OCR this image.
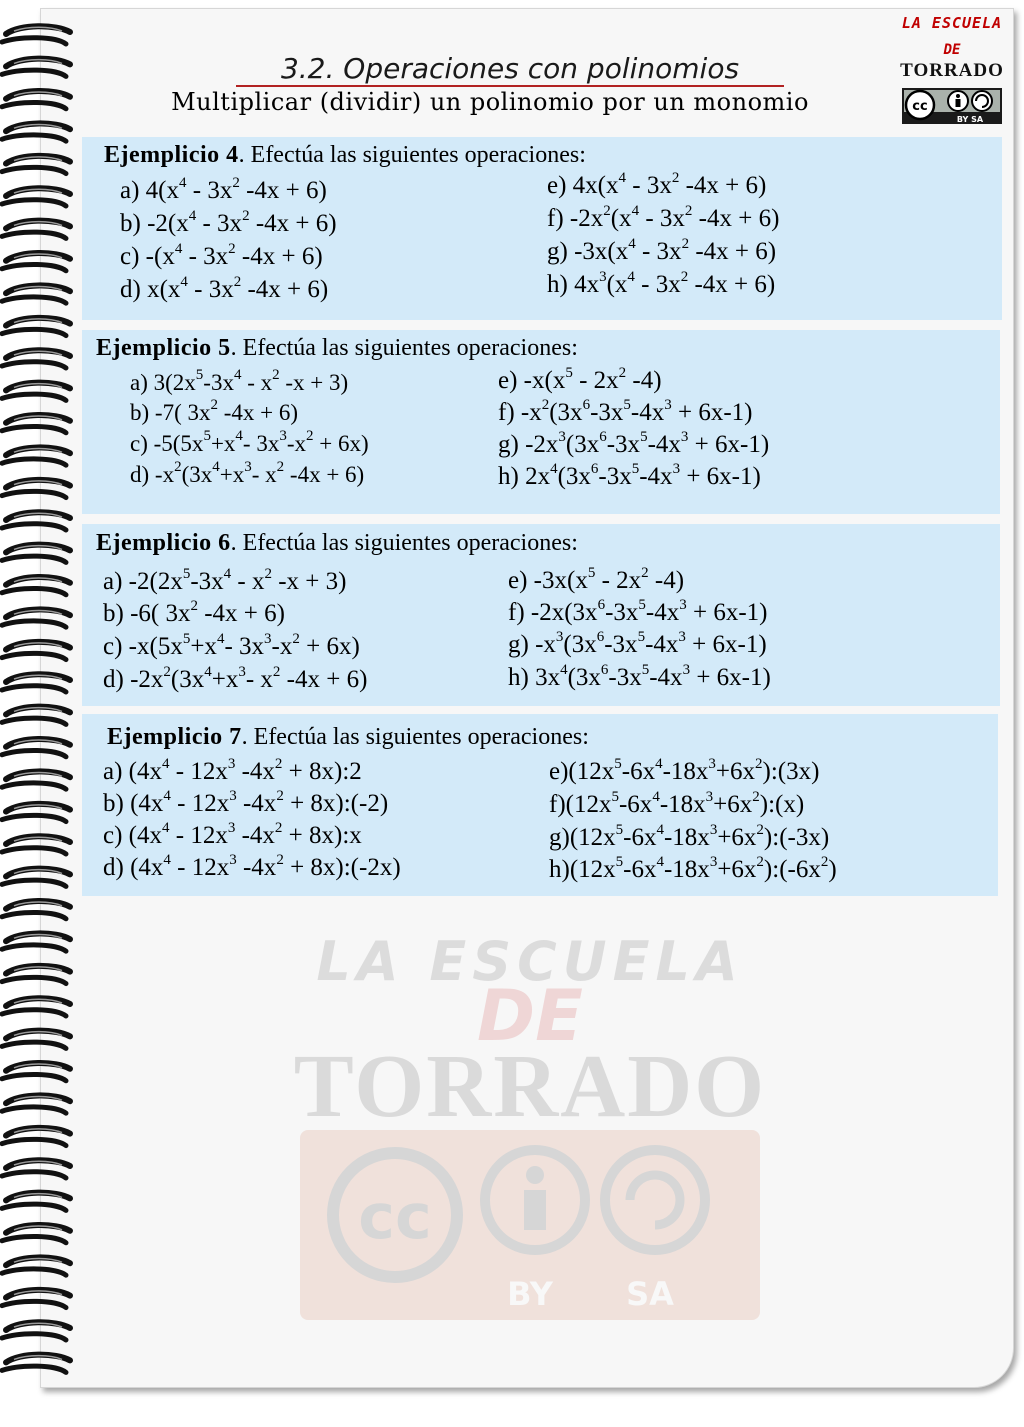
LA ESCUELA
DE
TORRADO
cc
BY SA
3.2. Operaciones con polinomios
Multiplicar (dividir) un polinomio por un monomio
LA ESCUELA
DE
TORRADO
cc
BY SA
Ejemplicio 4. Efectúa las siguientes operaciones:
a) $4(x^4 - 3x^2$ -4x + 6)
b) $-2(x^4 - 3x^2$ -4x + 6)
c) $-(x^4 - 3x^2$ -4x + 6)
d) $x(x^4 - 3x^2$ -4x + 6)
e) $4x(x^4 - 3x^2$ -4x + 6)
f) $-2x^2(x^4 - 3x^2$ -4x + 6)
g) $-3x(x^4 - 3x^2$ -4x + 6)
h) $4x^3(x^4 - 3x^2$ -4x + 6)
Ejemplicio 5. Efectúa las siguientes operaciones:
a) $3(2x^5-3x^4 - x^2$ -x + 3)
b) -7( $3x^2$ -4x + 6)
c) $-5(5x^5+x^4-$ $3x^3-x^2 + 6x$)
d) $-x^2(3x^4+x^3-$ $x^2$ -4x + 6)
e) $-x(x^5 - 2x^2$ -4)
f) $-x^2(3x^6-3x^5-4x^3 + 6x-1)$
g) $-2x^3(3x^6-3x^5-4x^3 + 6x-1)$
h) $2x^4(3x^6-3x^5-4x^3 + 6x-1)$
Ejemplicio 6. Efectúa las siguientes operaciones:
a) $-2(2x^5-3x^4 - x^2$ -x + 3)
b) -6( $3x^2$ -4x + 6)
c) $-x(5x^5+x^4-$ $3x^3-x^2 + 6x$)
d) $-2x^2(3x^4+x^3-$ $x^2$ -4x + 6)
e) $-3x(x^5 - 2x^2$ -4)
f) $-2x(3x^6-3x^5-4x^3 + 6x-1)$
g) $-x^3(3x^6-3x^5-4x^3 + 6x-1)$
h) $3x^4(3x^6-3x^5-4x^3 + 6x-1)$
Ejemplicio 7. Efectúa las siguientes operaciones:
a) ($4x^4 - 12x^3$ $-4x^2$ + 8x):2
b) ($4x^4 - 12x^3$ $-4x^2$ + 8x):(-2)
c) ($4x^4 - 12x^3$ $-4x^2$ + 8x):x
d) ($4x^4 - 12x^3$ $-4x^2$ + 8x):(-2x)
$e)(12x^5-6x^4-18x^3+6x^2):(3x)$
$f)(12x^5-6x^4-18x^3+6x^2):(x)$
$g)(12x^5-6x^4-18x^3+6x^2):(-3x)$
$h)(12x^5-6x^4-18x^3+6x^2):(-6x^2)$
